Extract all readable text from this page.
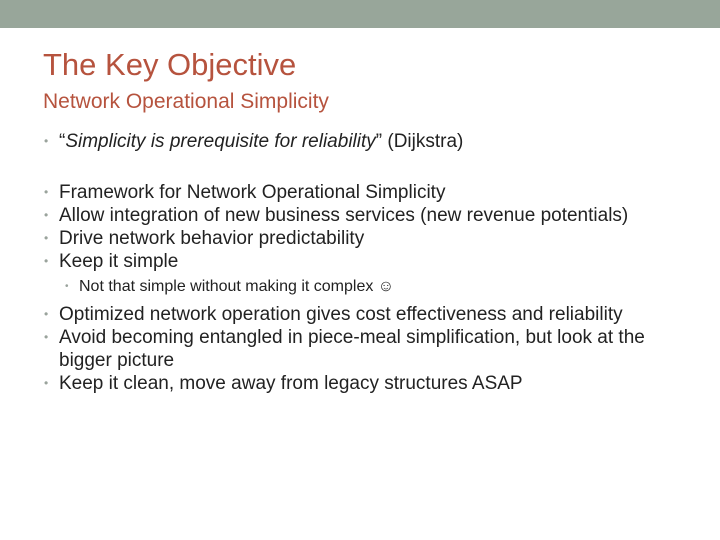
The Key Objective
Network Operational Simplicity
• “Simplicity is prerequisite for reliability” (Dijkstra)
• Framework for Network Operational Simplicity
• Allow integration of new business services (new revenue potentials)
• Drive network behavior predictability
• Keep it simple
• Not that simple without making it complex ☺
• Optimized network operation gives cost effectiveness and reliability
• Avoid becoming entangled in piece-meal simplification, but look at the bigger picture
• Keep it clean, move away from legacy structures ASAP
